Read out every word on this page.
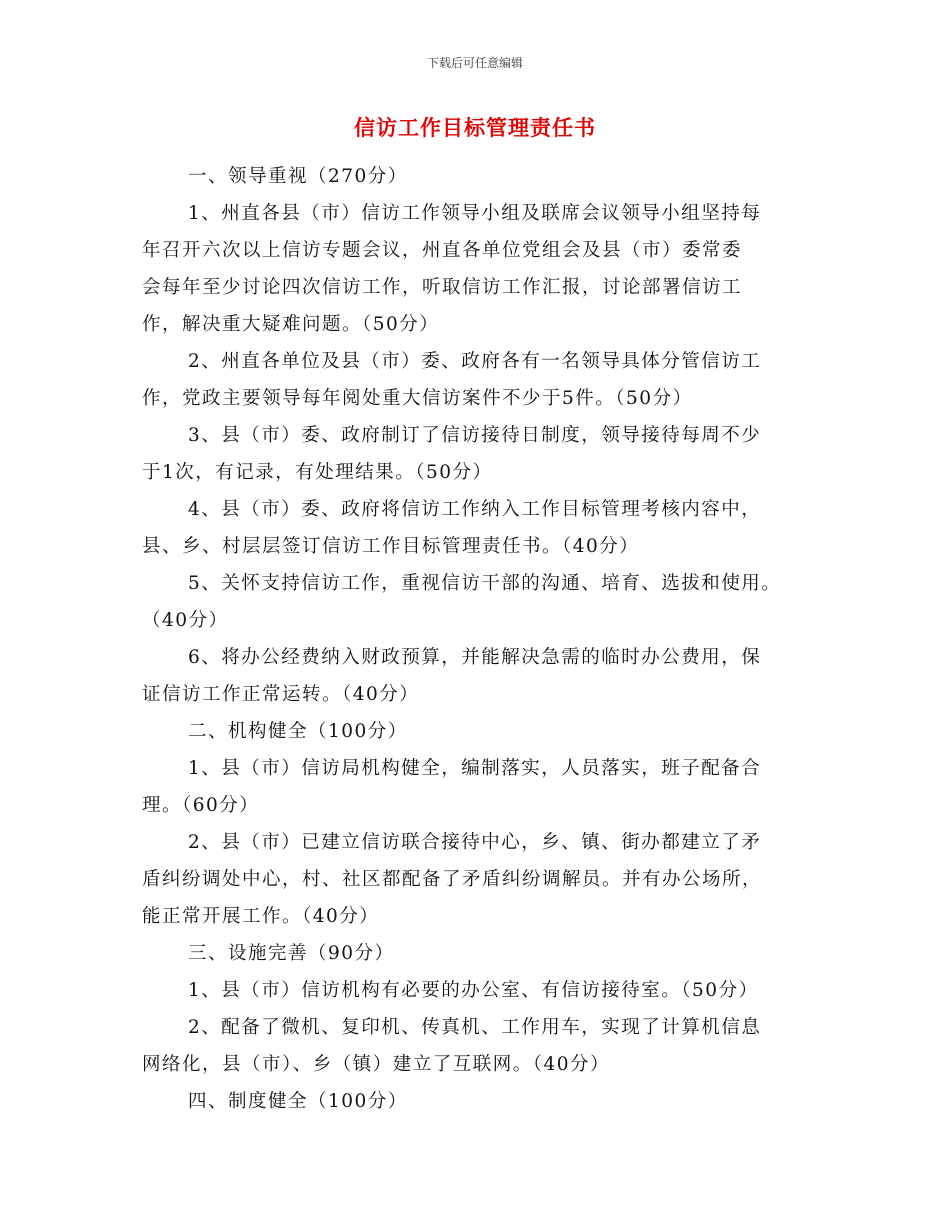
下载后可任意编辑
信访工作目标管理责任书
一、领导重视（270分）
1、州直各县（市）信访工作领导小组及联席会议领导小组坚持每
年召开六次以上信访专题会议，州直各单位党组会及县（市）委常委
会每年至少讨论四次信访工作，听取信访工作汇报，讨论部署信访工
作，解决重大疑难问题。（50分）
2、州直各单位及县（市）委、政府各有一名领导具体分管信访工
作，党政主要领导每年阅处重大信访案件不少于5件。（50分）
3、县（市）委、政府制订了信访接待日制度，领导接待每周不少
于1次，有记录，有处理结果。（50分）
4、县（市）委、政府将信访工作纳入工作目标管理考核内容中，
县、乡、村层层签订信访工作目标管理责任书。（40分）
5、关怀支持信访工作，重视信访干部的沟通、培育、选拔和使用。
（40分）
6、将办公经费纳入财政预算，并能解决急需的临时办公费用，保
证信访工作正常运转。（40分）
二、机构健全（100分）
1、县（市）信访局机构健全，编制落实，人员落实，班子配备合
理。（60分）
2、县（市）已建立信访联合接待中心，乡、镇、街办都建立了矛
盾纠纷调处中心，村、社区都配备了矛盾纠纷调解员。并有办公场所，
能正常开展工作。（40分）
三、设施完善（90分）
1、县（市）信访机构有必要的办公室、有信访接待室。（50分）
2、配备了微机、复印机、传真机、工作用车，实现了计算机信息
网络化，县（市）、乡（镇）建立了互联网。（40分）
四、制度健全（100分）
